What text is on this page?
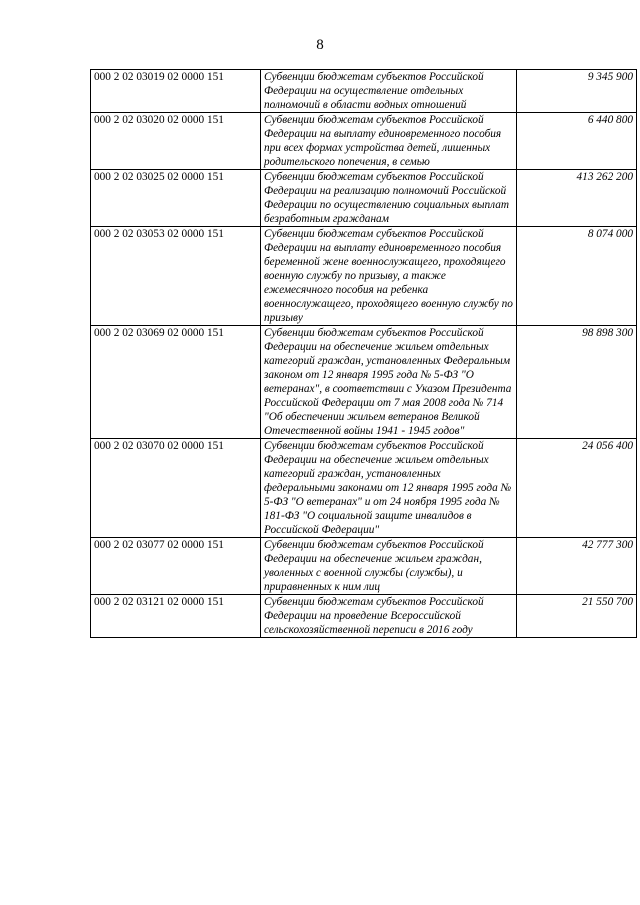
8
000 2 02 03019 02 0000 151	Субвенции бюджетам субъектов Российской Федерации на осуществление отдельных полномочий в области водных отношений	9 345 900
000 2 02 03020 02 0000 151	Субвенции бюджетам субъектов Российской Федерации на выплату единовременного пособия при всех формах устройства детей, лишенных родительского попечения, в семью	6 440 800
000 2 02 03025 02 0000 151	Субвенции бюджетам субъектов Российской Федерации на реализацию полномочий Российской Федерации по осуществлению социальных выплат безработным гражданам	413 262 200
000 2 02 03053 02 0000 151	Субвенции бюджетам субъектов Российской Федерации на выплату единовременного пособия беременной жене военнослужащего, проходящего военную службу по призыву, а также ежемесячного пособия на ребенка военнослужащего, проходящего военную службу по призыву	8 074 000
000 2 02 03069 02 0000 151	Субвенции бюджетам субъектов Российской Федерации на обеспечение жильем отдельных категорий граждан, установленных Федеральным законом от 12 января 1995 года № 5-ФЗ "О ветеранах", в соответствии с Указом Президента Российской Федерации от 7 мая 2008 года № 714 "Об обеспечении жильем ветеранов Великой Отечественной войны 1941 - 1945 годов"	98 898 300
000 2 02 03070 02 0000 151	Субвенции бюджетам субъектов Российской Федерации на обеспечение жильем отдельных категорий граждан, установленных федеральными законами от 12 января 1995 года № 5-ФЗ "О ветеранах" и от 24 ноября 1995 года № 181-ФЗ "О социальной защите инвалидов в Российской Федерации"	24 056 400
000 2 02 03077 02 0000 151	Субвенции бюджетам субъектов Российской Федерации на обеспечение жильем граждан, уволенных с военной службы (службы), и приравненных к ним лиц	42 777 300
000 2 02 03121 02 0000 151	Субвенции бюджетам субъектов Российской Федерации на проведение Всероссийской сельскохозяйственной переписи в 2016 году	21 550 700
